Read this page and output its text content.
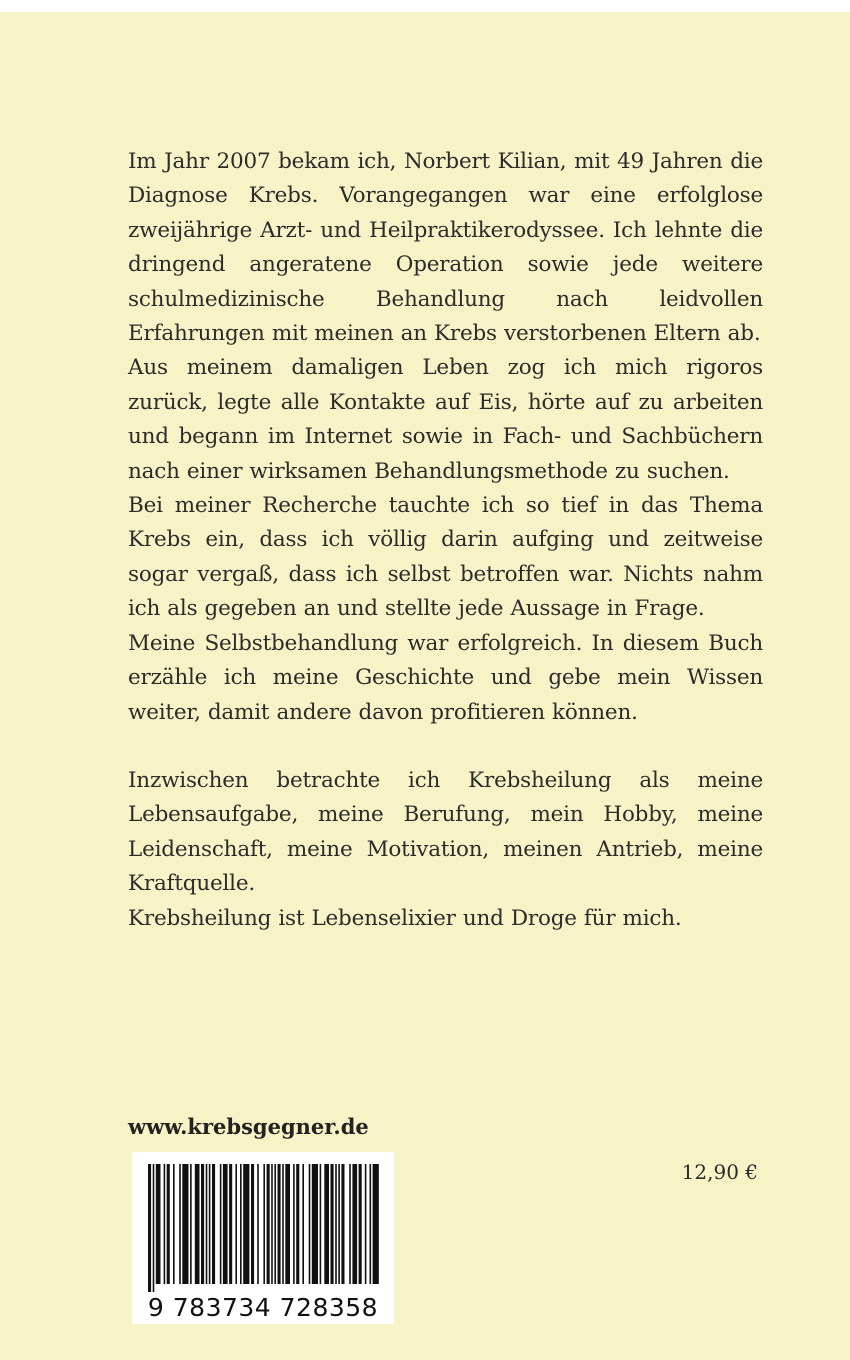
Im Jahr 2007 bekam ich, Norbert Kilian, mit 49 Jahren die Diagnose Krebs. Vorangegangen war eine erfolglose zweijährige Arzt- und Heilpraktikerodyssee. Ich lehnte die dringend angeratene Operation sowie jede weitere schulmedizinische Behandlung nach leidvollen Erfahrungen mit meinen an Krebs verstorbenen Eltern ab.

Aus meinem damaligen Leben zog ich mich rigoros zurück, legte alle Kontakte auf Eis, hörte auf zu arbeiten und begann im Internet sowie in Fach- und Sachbüchern nach einer wirksamen Behandlungsmethode zu suchen.

Bei meiner Recherche tauchte ich so tief in das Thema Krebs ein, dass ich völlig darin aufging und zeitweise sogar vergaß, dass ich selbst betroffen war. Nichts nahm ich als gegeben an und stellte jede Aussage in Frage.

Meine Selbstbehandlung war erfolgreich. In diesem Buch erzähle ich meine Geschichte und gebe mein Wissen weiter, damit andere davon profitieren können.

Inzwischen betrachte ich Krebsheilung als meine Lebensaufgabe, meine Berufung, mein Hobby, meine Leidenschaft, meine Motivation, meinen Antrieb, meine Kraftquelle.

Krebsheilung ist Lebenselixier und Droge für mich.

www.krebsgegner.de
12,90 €
9 783734 728358
